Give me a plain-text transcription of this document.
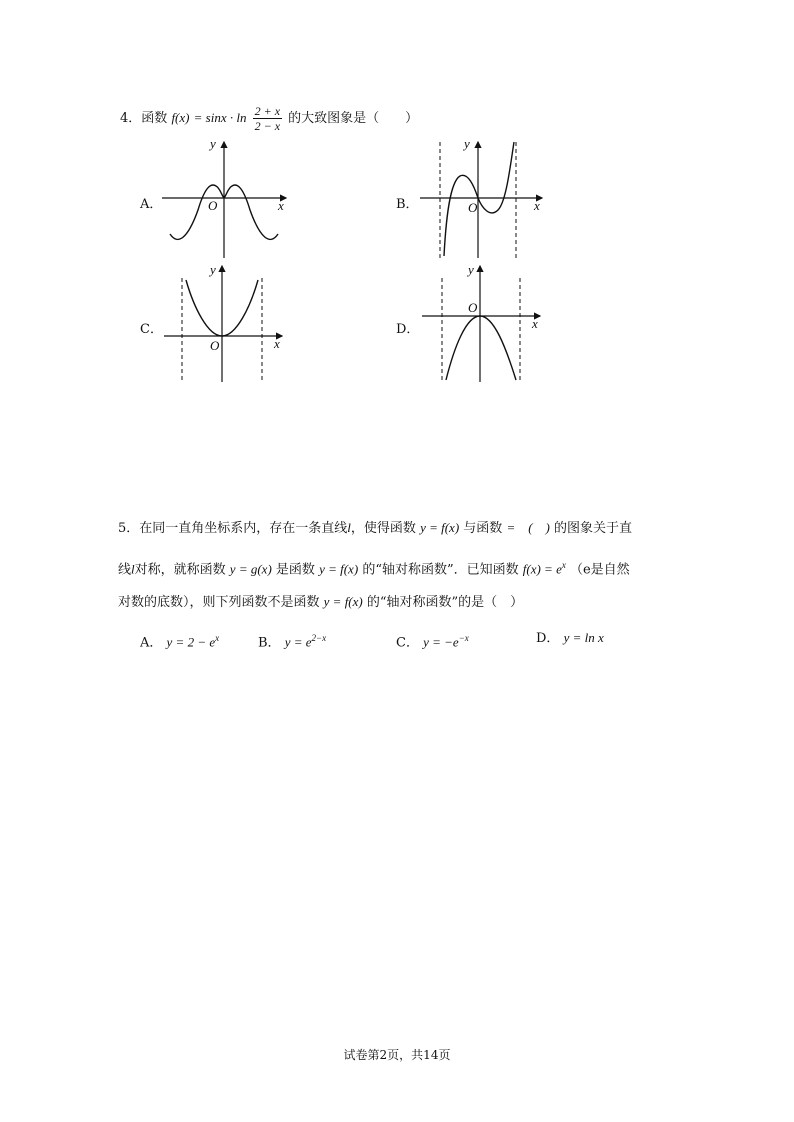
4．函数 $f(x) = \sin x \cdot \ln \frac{2 + x}{2 - x}$ 的大致图象是（　　）
A．
y
x
O	B．
y
x
O
C．
y
x
O
D．
y
x
O
5．在同一直角坐标系内，存在一条直线l，使得函数 y = f(x) 与函数 =　(　) 的图象关于直
线l对称，就称函数 y = g(x) 是函数 y = f(x) 的“轴对称函数”．已知函数 $f(x) = e^x$ （e是自然
对数的底数），则下列函数不是函数 y = f(x) 的“轴对称函数”的是（　）
A． $y = 2 - e^x$	B． $y = e^{2-x}$	C． $y = -e^{-x}$	D． y = ln x
试卷第2页，共14页
